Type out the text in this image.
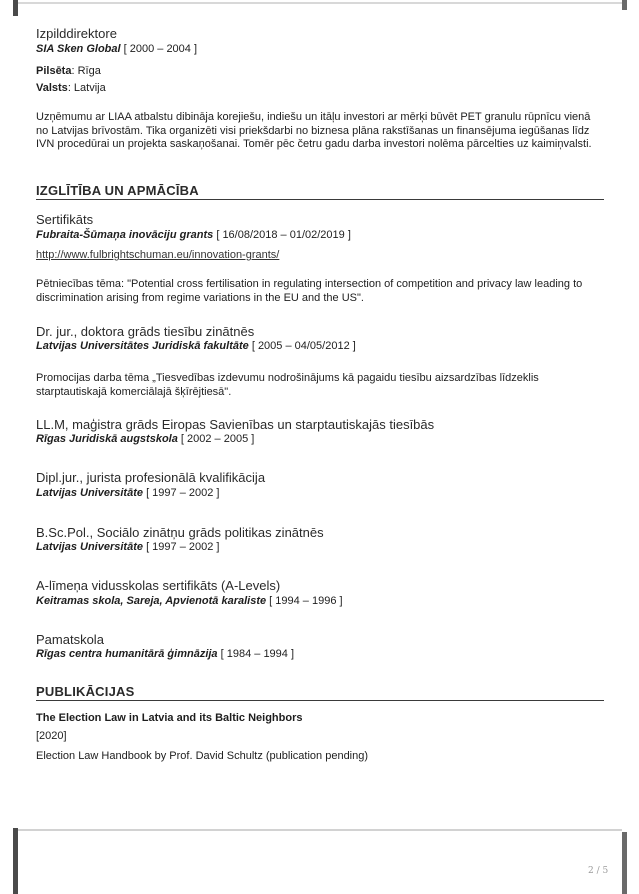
Izpilddirektore
SIA Sken Global [ 2000 – 2004 ]
Pilsēta: Rīga
Valsts: Latvija
Uzņēmumu ar LIAA atbalstu dibināja korejiešu, indiešu un itāļu investori ar mērķi būvēt PET granulu rūpnīcu vienā no Latvijas brīvostām. Tika organizēti visi priekšdarbi no biznesa plāna rakstīšanas un finansējuma iegūšanas līdz IVN procedūrai un projekta saskaņošanai. Tomēr pēc četru gadu darba investori nolēma pārcelties uz kaimiņvalsti.
IZGLĪTĪBA UN APMĀCĪBA
Sertifikāts
Fubraita-Šūmaņa inovāciju grants [ 16/08/2018 – 01/02/2019 ]
http://www.fulbrightschuman.eu/innovation-grants/
Pētniecības tēma: "Potential cross fertilisation in regulating intersection of competition and privacy law leading to discrimination arising from regime variations in the EU and the US".
Dr. jur., doktora grāds tiesību zinātnēs
Latvijas Universitātes Juridiskā fakultāte [ 2005 – 04/05/2012 ]
Promocijas darba tēma „Tiesvedības izdevumu nodrošinājums kā pagaidu tiesību aizsardzības līdzeklis starptautiskajā komerciālajā šķīrējtiesā".
LL.M, maģistra grāds Eiropas Savienības un starptautiskajās tiesībās
Rīgas Juridiskā augstskola [ 2002 – 2005 ]
Dipl.jur., jurista profesionālā kvalifikācija
Latvijas Universitāte [ 1997 – 2002 ]
B.Sc.Pol., Sociālo zinātņu grāds politikas zinātnēs
Latvijas Universitāte [ 1997 – 2002 ]
A-līmeņa vidusskolas sertifikāts (A-Levels)
Keitramas skola, Sareja, Apvienotā karaliste [ 1994 – 1996 ]
Pamatskola
Rīgas centra humanitārā ģimnāzija [ 1984 – 1994 ]
PUBLIKĀCIJAS
The Election Law in Latvia and its Baltic Neighbors
[2020]
Election Law Handbook by Prof. David Schultz (publication pending)
2 / 5
